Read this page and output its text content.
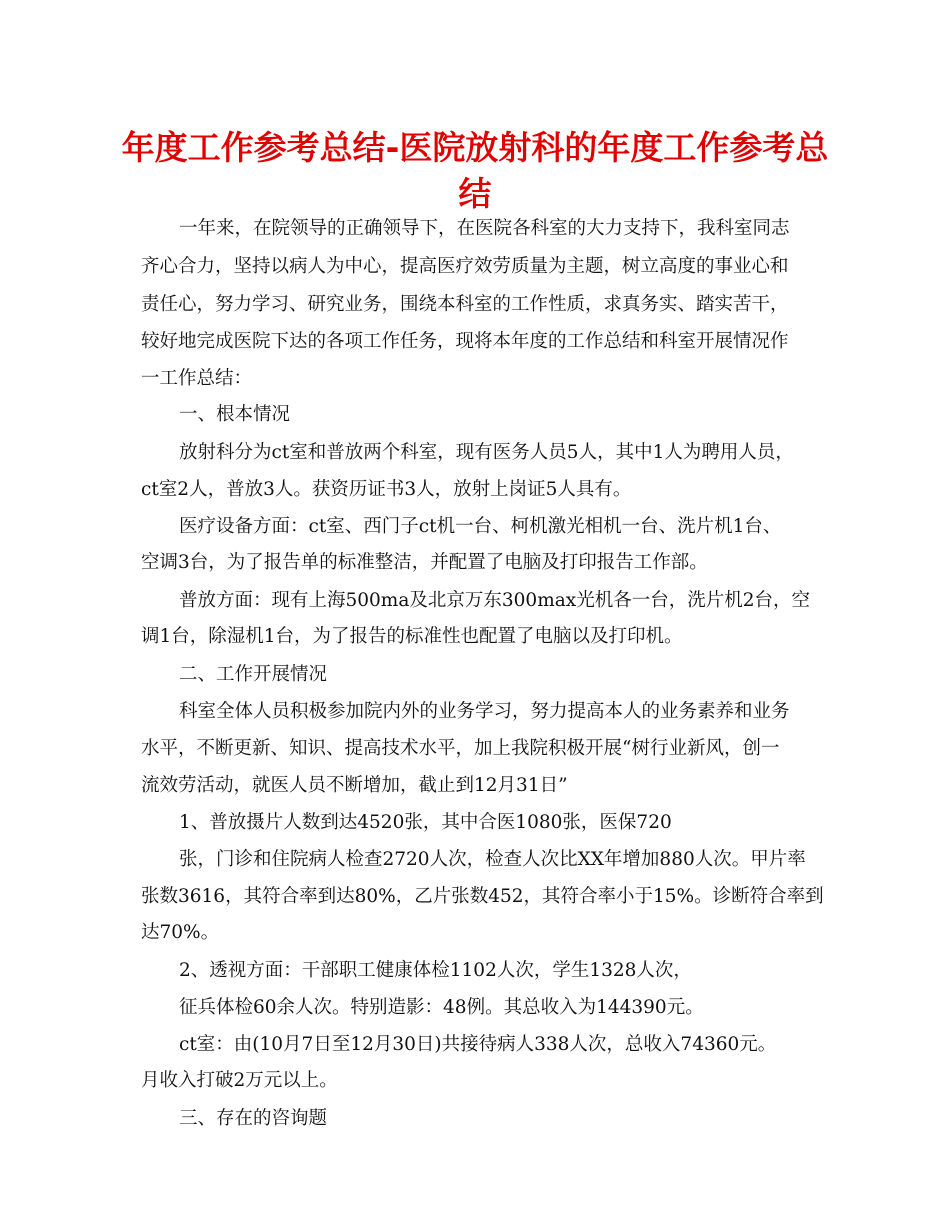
年度工作参考总结-医院放射科的年度工作参考总
结
一年来，在院领导的正确领导下，在医院各科室的大力支持下，我科室同志
齐心合力，坚持以病人为中心，提高医疗效劳质量为主题，树立高度的事业心和
责任心，努力学习、研究业务，围绕本科室的工作性质，求真务实、踏实苦干，
较好地完成医院下达的各项工作任务，现将本年度的工作总结和科室开展情况作
一工作总结：
一、根本情况
放射科分为ct室和普放两个科室，现有医务人员5人，其中1人为聘用人员，
ct室2人，普放3人。获资历证书3人，放射上岗证5人具有。
医疗设备方面：ct室、西门子ct机一台、柯机激光相机一台、洗片机1台、
空调3台，为了报告单的标准整洁，并配置了电脑及打印报告工作部。
普放方面：现有上海500ma及北京万东300max光机各一台，洗片机2台，空
调1台，除湿机1台，为了报告的标准性也配置了电脑以及打印机。
二、工作开展情况
科室全体人员积极参加院内外的业务学习，努力提高本人的业务素养和业务
水平，不断更新、知识、提高技术水平，加上我院积极开展“树行业新风，创一
流效劳活动，就医人员不断增加，截止到12月31日”
1、普放摄片人数到达4520张，其中合医1080张，医保720
张，门诊和住院病人检查2720人次，检查人次比XX年增加880人次。甲片率
张数3616，其符合率到达80%，乙片张数452，其符合率小于15%。诊断符合率到
达70%。
2、透视方面：干部职工健康体检1102人次，学生1328人次，
征兵体检60余人次。特别造影：48例。其总收入为144390元。
ct室：由(10月7日至12月30日)共接待病人338人次，总收入74360元。
月收入打破2万元以上。
三、存在的咨询题
